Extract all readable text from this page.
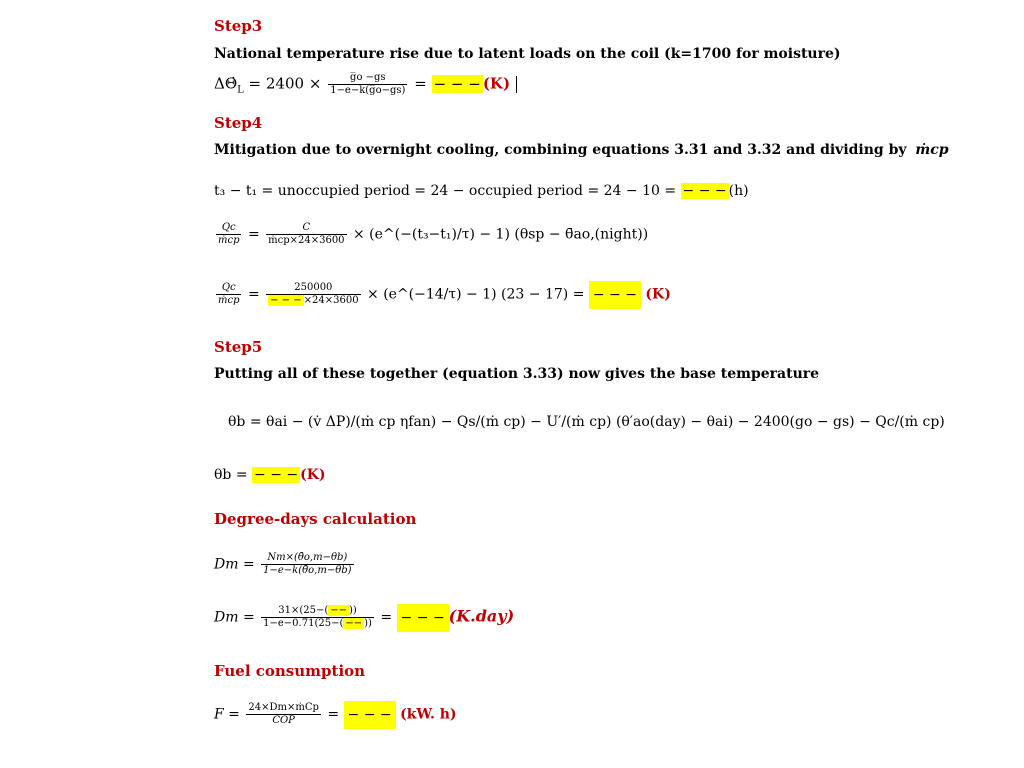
Step3
National temperature rise due to latent loads on the coil (k=1700 for moisture)
$\Delta\Thetȧ_L = 2400 \times \frac{g̅o -gs}{1-e-k(g̅o-gs)}$ = − − − (K)
Step4
Mitigation due to overnight cooling, combining equations 3.31 and 3.32 and dividing by ṁcp
t₃ − t₁ = unoccupied period = 24 − occupied period = 24 − 10 = − − − (h)
$\frac{Qc}{\text{ṁcp}} = \frac{C}{\text{ṁcp×24×3600}}$ × (e^(−(t₃−t₁)/τ) − 1) (θsp − θ̄ao,(night))
$\frac{Qc}{\text{ṁcp}} = \frac{250000}{- - - \times 24\times 3600}$ × (e^(−14/τ) − 1) (23 − 17) = − − − (K)
Step5
Putting all of these together (equation 3.33) now gives the base temperature
θb = θai − (v̇ ΔP)/(ṁ cp ηfan) − Qs/(ṁ cp) − U′/(ṁ cp) (θ′ao(day) − θai) − 2400(go − gs) − Qc/(ṁ cp)
θb = − − − (K)
Degree-days calculation
$Dm = \frac{Nm\times(\thetāo,m-\theta b)}{1-e-k(\thetāo,m-\theta b)}$
$Dm = \frac{31\times(25-( -- ))}{1-e-0.71(25-( -- ))}$ = − − − (K.day)
Fuel consumption
$F = \frac{\text{24×Dm×ṁCp}}{\text{COP}}$ = − − − (kW. h)
